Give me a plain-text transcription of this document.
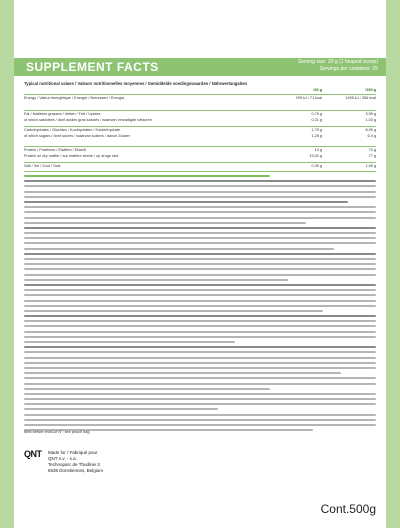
SUPPLEMENT FACTS	Serving size: 20 g (1 heaped scoop)
Servings per container: 25
Typical nutritional values / Valeurs nutritionnelles moyennes / Gemiddelde voedingswaarden / Nährwertangaben
/20 g	/100 g
Energy / Valeur énergétique / Energie / Brennwert / Energia	299 kJ / 71 kcal	1495 kJ / 356 kcal
Fat / Matières grasses / Vetten / Fett / Lipides	0,79 g	3,95 g
of which saturates / dont acides gras saturés / waarvan verzadigde vetzuren	0,21 g	1,03 g
Carbohydrates / Glucides / Koolhydraten / Kohlenhydrate	1,79 g	8,95 g
of which sugars / dont sucres / waarvan suikers / davon Zucker	1,28 g	6,4 g
Protein / Protéines / Eiwitten / Eiweiß	14 g	70 g
Protein on dry matter / sur matière sèche / op droge stof	15,40 g	77 g
Salt / Sel / Zout / Salz	0,39 g	1,95 g
Best before end/Lot N°: see pouch bag
QNT Made for / Fabriqué pour
QNT n.v. - s.a.
Technoparc de Thudinie 3
6536 Donstiennes, Belgium
Cont.500g
